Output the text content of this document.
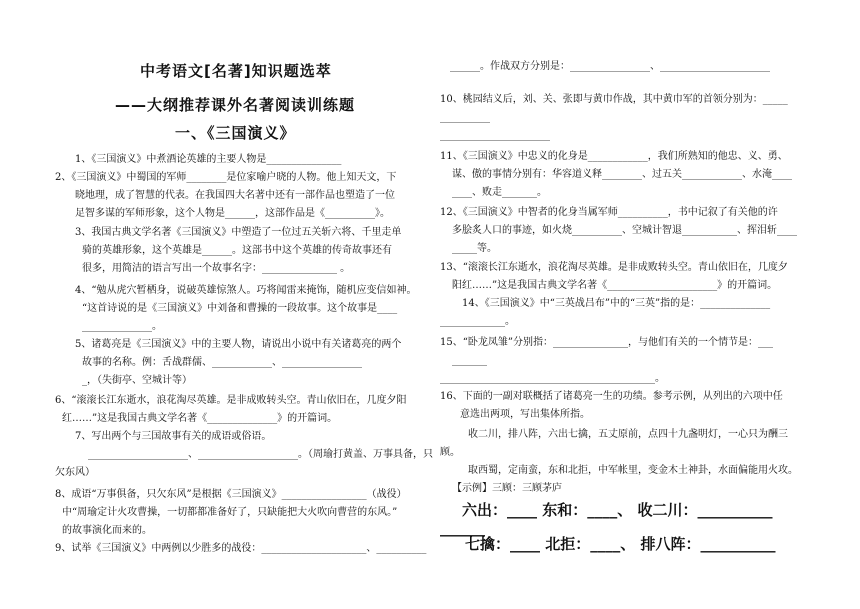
中考语文[名著]知识题选萃
——大纲推荐课外名著阅读训练题
一、《三国演义》
1、《三国演义》中煮酒论英雄的主要人物是_______________
2、《三国演义》中蜀国的军师________是位家喻户晓的人物。他上知天文，下
晓地理，成了智慧的代表。在我国四大名著中还有一部作品也塑造了一位
足智多谋的军师形象，这个人物是______，这部作品是《__________》。
3、我国古典文学名著《三国演义》中塑造了一位过五关斩六将、千里走单
骑的英雄形象，这个英雄是______。这部书中这个英雄的传奇故事还有
很多，用简洁的语言写出一个故事名字：_______________ 。
4、“勉从虎穴暂栖身，说破英雄惊煞人。巧将闻雷来掩饰，随机应变信如神。
“这首诗说的是《三国演义》中刘备和曹操的一段故事。这个故事是____
______________。
5、诸葛亮是《三国演义》中的主要人物，请说出小说中有关诸葛亮的两个
故事的名称。例：舌战群儒、____________、________________
_，（失街亭、空城计等）
6、“滚滚长江东逝水，浪花淘尽英雄。是非成败转头空。青山依旧在，几度夕阳
红……”这是我国古典文学名著《______________》的开篇词。
7、写出两个与三国故事有关的成语或俗语。
____________________、____________________。（周瑜打黄盖、万事具备，只
欠东风）
8、成语“万事俱备，只欠东风”是根据《三国演义》_________________（战役）
中“周瑜定计火攻曹操，一切都都准备好了，只缺能把大火吹向曹营的东风。”
的故事演化而来的。
9、试举《三国演义》中两例以少胜多的战役：_____________________、__________
______。作战双方分别是：________________、______________________
10、桃园结义后，刘、关、张即与黄巾作战，其中黄巾军的首领分别为：_____
__________
______________________
11、《三国演义》中忠义的化身是____________，我们所熟知的他忠、义、勇、
谋、傲的事情分别有：华容道义释________、过五关____________、水淹____
____、败走_______。
12、《三国演义》中智者的化身当属军师__________，书中记叙了有关他的许
多脍炙人口的事迹，如火烧__________、空城计智退___________、挥泪斩____
_____等。
13、“滚滚长江东逝水，浪花淘尽英雄。是非成败转头空。青山依旧在，几度夕
阳红……”这是我国古典文学名著《______________________》的开篇词。
14、《三国演义》中“三英战吕布”中的“三英”指的是：______________
_____________。
15、“卧龙凤雏”分别指：_______________，与他们有关的一个情节是：___
_______
___________________________________________。
16、下面的一副对联概括了诸葛亮一生的功绩。参考示例，从列出的六项中任
意选出两项，写出集体所指。
收二川，排八阵，六出七擒，五丈原前，点四十九盏明灯，一心只为酬三
顾。
取西蜀，定南蛮，东和北拒，中军帐里，变金木土神卦，水面偏能用火攻。
【示例】三顾：三顾茅庐
六出：____ 东和：____、 收二川：__________
______
七擒：____ 北拒：____、 排八阵：__________
